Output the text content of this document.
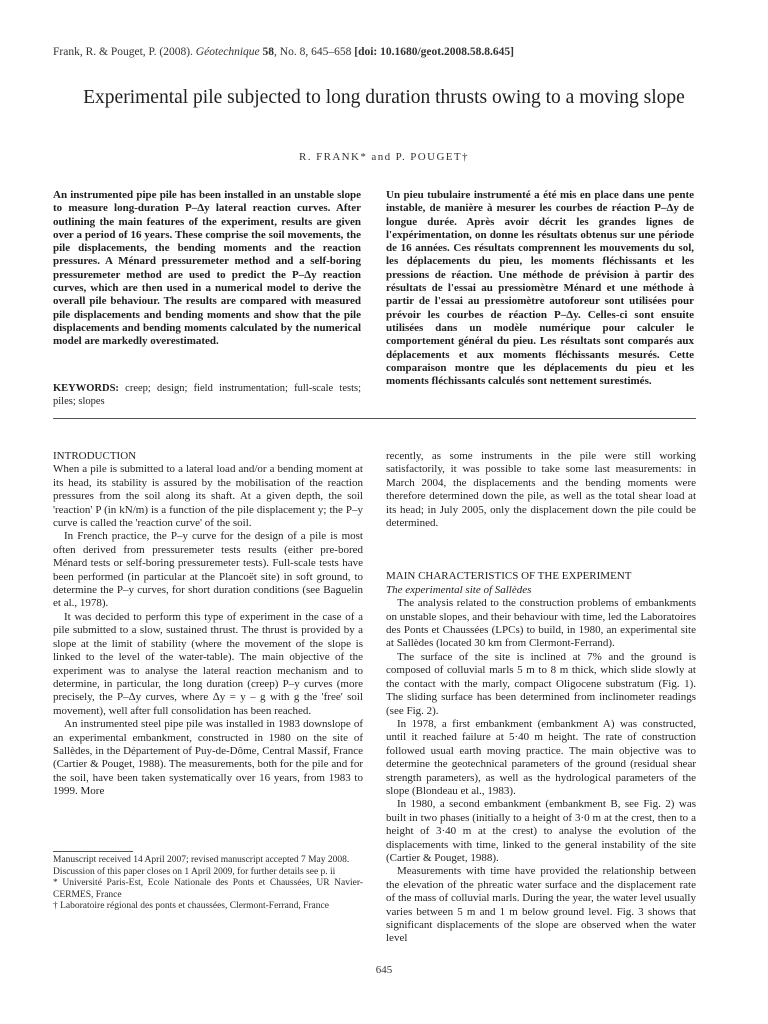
Frank, R. & Pouget, P. (2008). Géotechnique 58, No. 8, 645–658 [doi: 10.1680/geot.2008.58.8.645]
Experimental pile subjected to long duration thrusts owing to a moving slope
R. FRANK* and P. POUGET†
An instrumented pipe pile has been installed in an unstable slope to measure long-duration P–Δy lateral reaction curves. After outlining the main features of the experiment, results are given over a period of 16 years. These comprise the soil movements, the pile displacements, the bending moments and the reaction pressures. A Ménard pressuremeter method and a self-boring pressuremeter method are used to predict the P–Δy reaction curves, which are then used in a numerical model to derive the overall pile behaviour. The results are compared with measured pile displacements and bending moments and show that the pile displacements and bending moments calculated by the numerical model are markedly overestimated.
Un pieu tubulaire instrumenté a été mis en place dans une pente instable, de manière à mesurer les courbes de réaction P–Δy de longue durée. Après avoir décrit les grandes lignes de l'expérimentation, on donne les résultats obtenus sur une période de 16 années. Ces résultats comprennent les mouvements du sol, les déplacements du pieu, les moments fléchissants et les pressions de réaction. Une méthode de prévision à partir des résultats de l'essai au pressiomètre Ménard et une méthode à partir de l'essai au pressiomètre autoforeur sont utilisées pour prévoir les courbes de réaction P–Δy. Celles-ci sont ensuite utilisées dans un modèle numérique pour calculer le comportement général du pieu. Les résultats sont comparés aux déplacements et aux moments fléchissants mesurés. Cette comparaison montre que les déplacements du pieu et les moments fléchissants calculés sont nettement surestimés.
KEYWORDS: creep; design; field instrumentation; full-scale tests; piles; slopes
INTRODUCTION

When a pile is submitted to a lateral load and/or a bending moment at its head, its stability is assured by the mobilisation of the reaction pressures from the soil along its shaft. At a given depth, the soil 'reaction' P (in kN/m) is a function of the pile displacement y; the P–y curve is called the 'reaction curve' of the soil.

In French practice, the P–y curve for the design of a pile is most often derived from pressuremeter tests results (either pre-bored Ménard tests or self-boring pressuremeter tests). Full-scale tests have been performed (in particular at the Plancoët site) in soft ground, to determine the P–y curves, for short duration conditions (see Baguelin et al., 1978).

It was decided to perform this type of experiment in the case of a pile submitted to a slow, sustained thrust. The thrust is provided by a slope at the limit of stability (where the movement of the slope is linked to the level of the water-table). The main objective of the experiment was to analyse the lateral reaction mechanism and to determine, in particular, the long duration (creep) P–y curves (more precisely, the P–Δy curves, where Δy = y – g with g the 'free' soil movement), well after full consolidation has been reached.

An instrumented steel pipe pile was installed in 1983 downslope of an experimental embankment, constructed in 1980 on the site of Sallèdes, in the Département of Puy-de-Dôme, Central Massif, France (Cartier & Pouget, 1988). The measurements, both for the pile and for the soil, have been taken systematically over 16 years, from 1983 to 1999. More

recently, as some instruments in the pile were still working satisfactorily, it was possible to take some last measurements: in March 2004, the displacements and the bending moments were therefore determined down the pile, as well as the total shear load at its head; in July 2005, only the displacement down the pile could be determined.

MAIN CHARACTERISTICS OF THE EXPERIMENT
The experimental site of Sallèdes

The analysis related to the construction problems of embankments on unstable slopes, and their behaviour with time, led the Laboratoires des Ponts et Chaussées (LPCs) to build, in 1980, an experimental site at Sallèdes (located 30 km from Clermont-Ferrand).

The surface of the site is inclined at 7% and the ground is composed of colluvial marls 5 m to 8 m thick, which slide slowly at the contact with the marly, compact Oligocene substratum (Fig. 1). The sliding surface has been determined from inclinometer readings (see Fig. 2).

In 1978, a first embankment (embankment A) was constructed, until it reached failure at 5·40 m height. The rate of construction followed usual earth moving practice. The main objective was to determine the geotechnical parameters of the ground (residual shear strength parameters), as well as the hydrological parameters of the slope (Blondeau et al., 1983).

In 1980, a second embankment (embankment B, see Fig. 2) was built in two phases (initially to a height of 3·0 m at the crest, then to a height of 3·40 m at the crest) to analyse the evolution of the displacements with time, linked to the general instability of the site (Cartier & Pouget, 1988).

Measurements with time have provided the relationship between the elevation of the phreatic water surface and the displacement rate of the mass of colluvial marls. During the year, the water level usually varies between 5 m and 1 m below ground level. Fig. 3 shows that significant displacements of the slope are observed when the water level

Manuscript received 14 April 2007; revised manuscript accepted 7 May 2008.

Discussion of this paper closes on 1 April 2009, for further details see p. ii

* Université Paris-Est, Ecole Nationale des Ponts et Chaussées, UR Navier-CERMES, France

† Laboratoire régional des ponts et chaussées, Clermont-Ferrand, France

645
